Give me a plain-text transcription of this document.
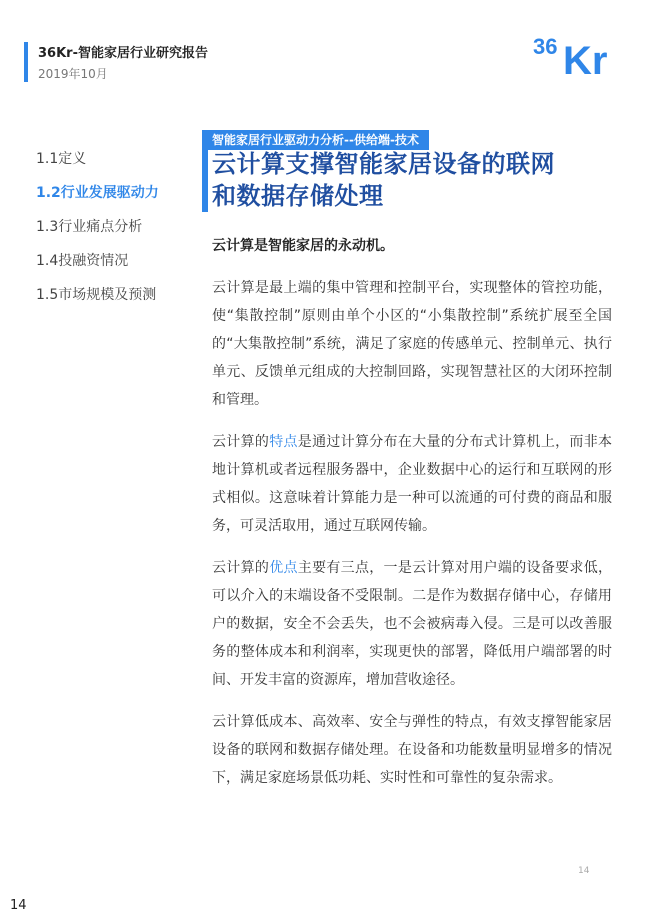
36Kr-智能家居行业研究报告
2019年10月
36 Kr
1.1定义
1.2行业发展驱动力
1.3行业痛点分析
1.4投融资情况
1.5市场规模及预测
智能家居行业驱动力分析--供给端-技术
云计算支撑智能家居设备的联网
和数据存储处理

云计算是智能家居的永动机。

云计算是最上端的集中管理和控制平台，实现整体的管控功能，使“集散控制”原则由单个小区的“小集散控制”系统扩展至全国的“大集散控制”系统，满足了家庭的传感单元、控制单元、执行单元、反馈单元组成的大控制回路，实现智慧社区的大闭环控制和管理。

云计算的特点是通过计算分布在大量的分布式计算机上，而非本地计算机或者远程服务器中，企业数据中心的运行和互联网的形式相似。这意味着计算能力是一种可以流通的可付费的商品和服务，可灵活取用，通过互联网传输。

云计算的优点主要有三点，一是云计算对用户端的设备要求低，可以介入的末端设备不受限制。二是作为数据存储中心，存储用户的数据，安全不会丢失，也不会被病毒入侵。三是可以改善服务的整体成本和利润率，实现更快的部署，降低用户端部署的时间、开发丰富的资源库，增加营收途径。

云计算低成本、高效率、安全与弹性的特点，有效支撑智能家居设备的联网和数据存储处理。在设备和功能数量明显增多的情况下，满足家庭场景低功耗、实时性和可靠性的复杂需求。

14
14
